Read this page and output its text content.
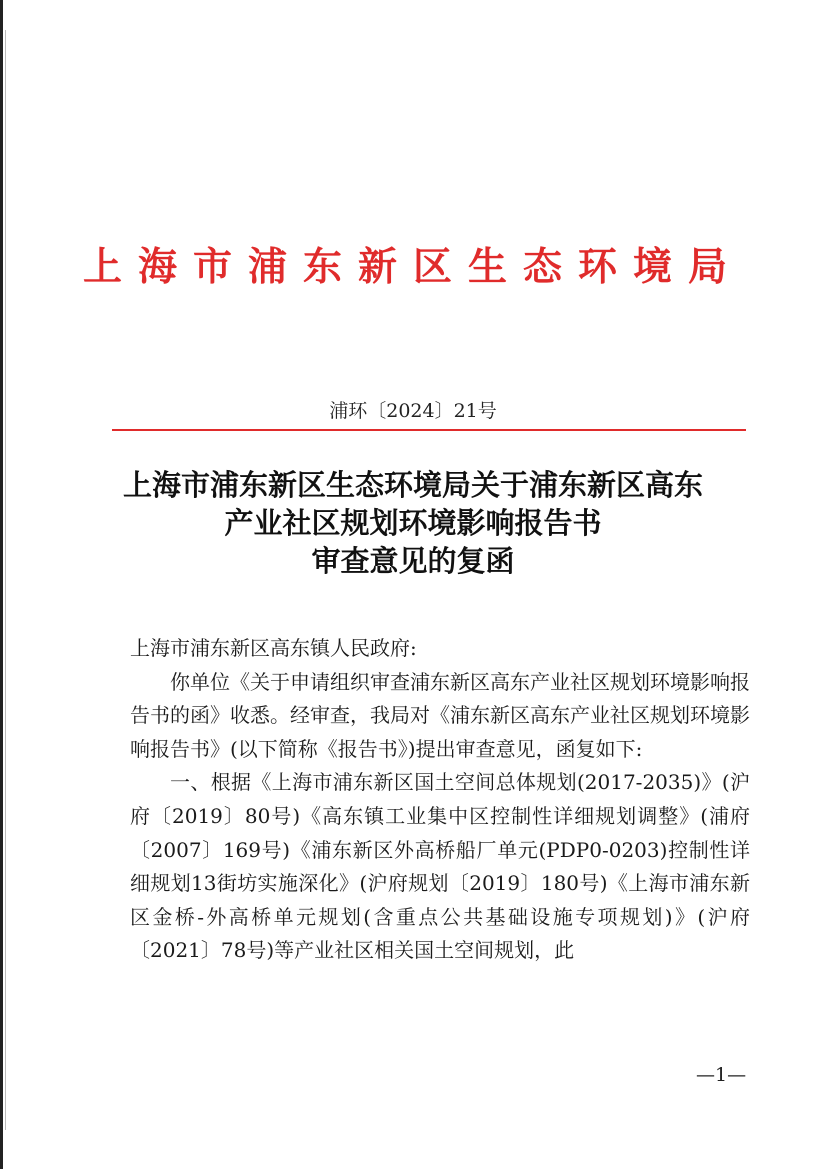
上海市浦东新区生态环境局
浦环〔2024〕21号
上海市浦东新区生态环境局关于浦东新区高东
产业社区规划环境影响报告书
审查意见的复函

上海市浦东新区高东镇人民政府:

你单位《关于申请组织审查浦东新区高东产业社区规划环境影响报告书的函》收悉。经审查，我局对《浦东新区高东产业社区规划环境影响报告书》(以下简称《报告书》)提出审查意见，函复如下:

一、根据《上海市浦东新区国土空间总体规划(2017-2035)》(沪府〔2019〕80号)《高东镇工业集中区控制性详细规划调整》(浦府〔2007〕169号)《浦东新区外高桥船厂单元(PDP0-0203)控制性详细规划13街坊实施深化》(沪府规划〔2019〕180号)《上海市浦东新区金桥-外高桥单元规划(含重点公共基础设施专项规划)》(沪府〔2021〕78号)等产业社区相关国土空间规划，此

—1—
